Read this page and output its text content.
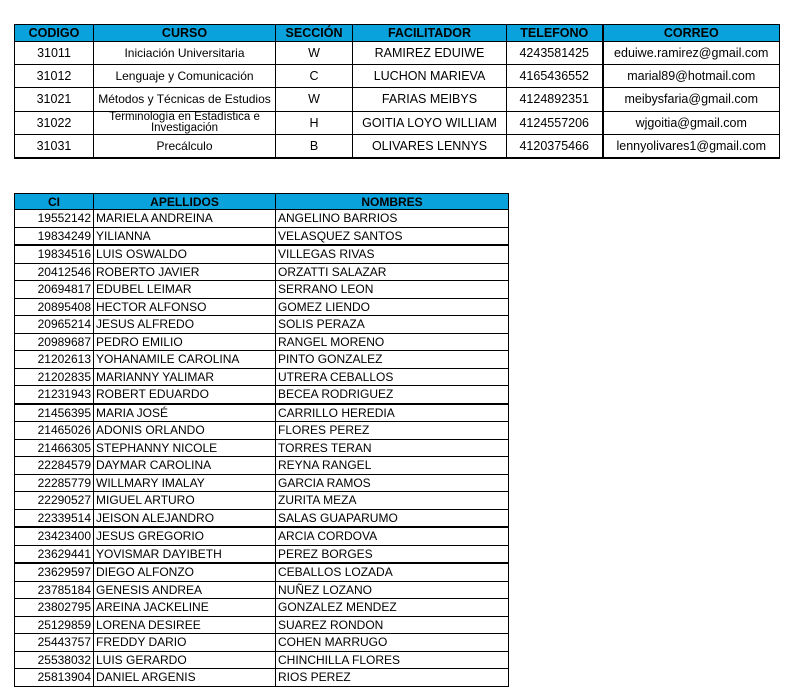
CODIGO	CURSO	SECCIÓN	FACILITADOR	TELEFONO	CORREO
31011	Iniciación Universitaria	W	RAMIREZ EDUIWE	4243581425	eduiwe.ramirez@gmail.com
31012	Lenguaje y Comunicación	C	LUCHON MARIEVA	4165436552	marial89@hotmail.com
31021	Métodos y Técnicas de Estudios	W	FARIAS MEIBYS	4124892351	meibysfaria@gmail.com
31022	Terminología en Estadística e Investigación	H	GOITIA LOYO WILLIAM	4124557206	wjgoitia@gmail.com
31031	Precálculo	B	OLIVARES LENNYS	4120375466	lennyolivares1@gmail.com
CI	APELLIDOS	NOMBRES
19552142	MARIELA ANDREINA	ANGELINO BARRIOS
19834249	YILIANNA	VELASQUEZ SANTOS
19834516	LUIS OSWALDO	VILLEGAS RIVAS
20412546	ROBERTO JAVIER	ORZATTI SALAZAR
20694817	EDUBEL LEIMAR	SERRANO LEON
20895408	HECTOR ALFONSO	GOMEZ LIENDO
20965214	JESUS ALFREDO	SOLIS PERAZA
20989687	PEDRO EMILIO	RANGEL MORENO
21202613	YOHANAMILE CAROLINA	PINTO GONZALEZ
21202835	MARIANNY YALIMAR	UTRERA CEBALLOS
21231943	ROBERT EDUARDO	BECEA RODRIGUEZ
21456395	MARIA JOSÉ	CARRILLO HEREDIA
21465026	ADONIS ORLANDO	FLORES PEREZ
21466305	STEPHANNY NICOLE	TORRES TERAN
22284579	DAYMAR CAROLINA	REYNA RANGEL
22285779	WILLMARY IMALAY	GARCIA RAMOS
22290527	MIGUEL ARTURO	ZURITA MEZA
22339514	JEISON ALEJANDRO	SALAS GUAPARUMO
23423400	JESUS GREGORIO	ARCIA CORDOVA
23629441	YOVISMAR DAYIBETH	PEREZ BORGES
23629597	DIEGO ALFONZO	CEBALLOS LOZADA
23785184	GENESIS ANDREA	NUÑEZ LOZANO
23802795	AREINA JACKELINE	GONZALEZ MENDEZ
25129859	LORENA DESIREE	SUAREZ RONDON
25443757	FREDDY DARIO	COHEN MARRUGO
25538032	LUIS GERARDO	CHINCHILLA FLORES
25813904	DANIEL ARGENIS	RIOS PEREZ
